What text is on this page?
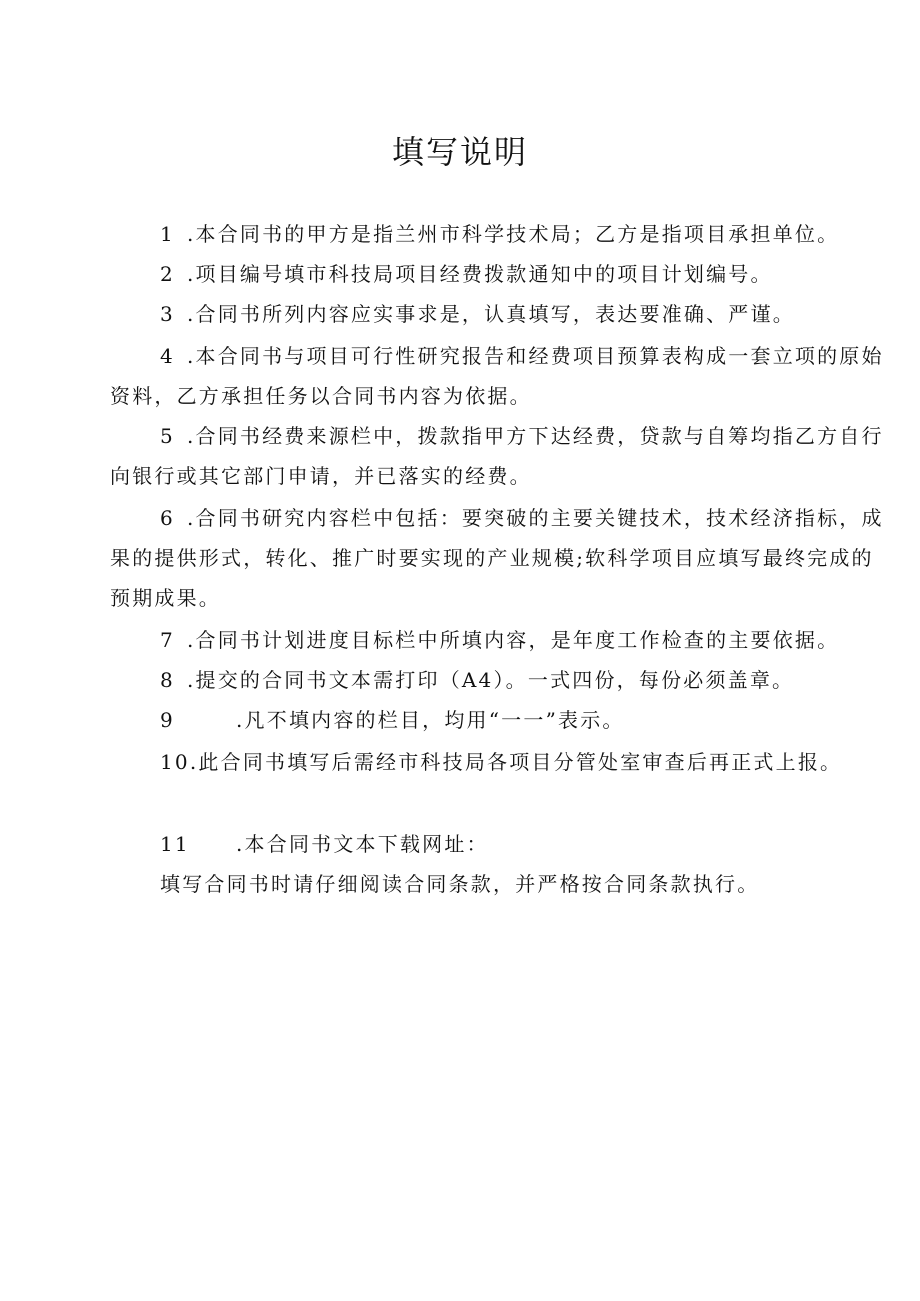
填写说明
1 .本合同书的甲方是指兰州市科学技术局；乙方是指项目承担单位。
2 .项目编号填市科技局项目经费拨款通知中的项目计划编号。
3 .合同书所列内容应实事求是，认真填写，表达要准确、严谨。

4 .本合同书与项目可行性研究报告和经费项目预算表构成一套立项的原始资料，乙方承担任务以合同书内容为依据。

5 .合同书经费来源栏中，拨款指甲方下达经费，贷款与自筹均指乙方自行向银行或其它部门申请，并已落实的经费。

6 .合同书研究内容栏中包括：要突破的主要关键技术，技术经济指标，成果的提供形式，转化、推广时要实现的产业规模;软科学项目应填写最终完成的预期成果。

7 .合同书计划进度目标栏中所填内容，是年度工作检查的主要依据。
8 .提交的合同书文本需打印（A4）。一式四份，每份必须盖章。
9	.凡不填内容的栏目，均用“一一”表示。

10.此合同书填写后需经市科技局各项目分管处室审查后再正式上报。

11 .本合同书文本下载网址：
填写合同书时请仔细阅读合同条款，并严格按合同条款执行。
